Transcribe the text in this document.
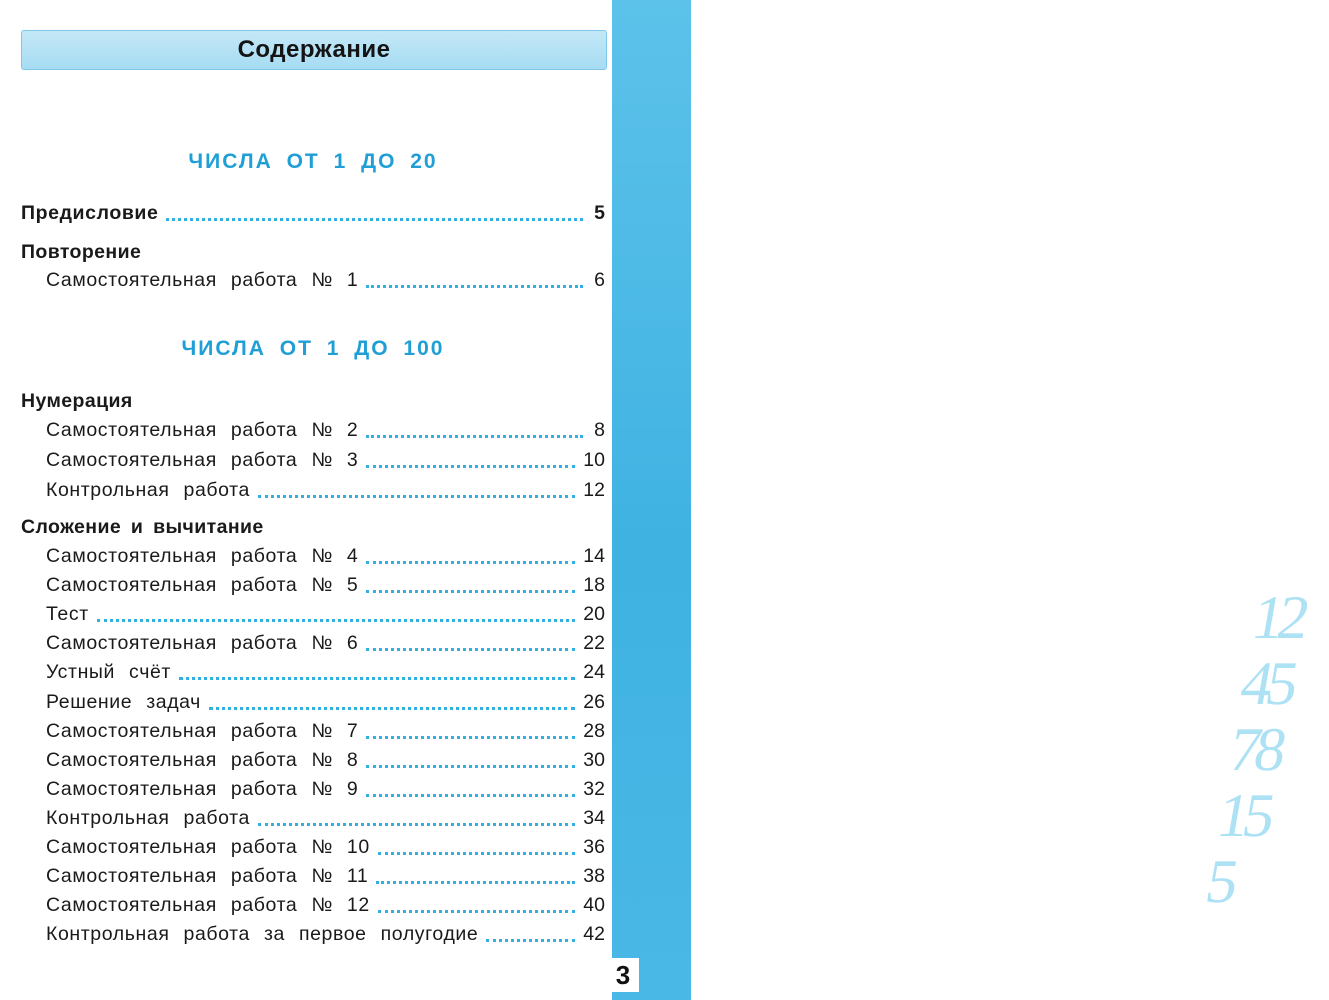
12
45
78
15
5
Содержание
ЧИСЛА ОТ 1 ДО 20
Предисловие	5
Повторение
Самостоятельная работа № 1	6
ЧИСЛА ОТ 1 ДО 100
Нумерация
Самостоятельная работа № 2	8
Самостоятельная работа № 3	10
Контрольная работа	12
Сложение и вычитание
Самостоятельная работа № 4	14
Самостоятельная работа № 5	18
Тест	20
Самостоятельная работа № 6	22
Устный счёт	24
Решение задач	26
Самостоятельная работа № 7	28
Самостоятельная работа № 8	30
Самостоятельная работа № 9	32
Контрольная работа	34
Самостоятельная работа № 10	36
Самостоятельная работа № 11	38
Самостоятельная работа № 12	40
Контрольная работа за первое полугодие	42
3
